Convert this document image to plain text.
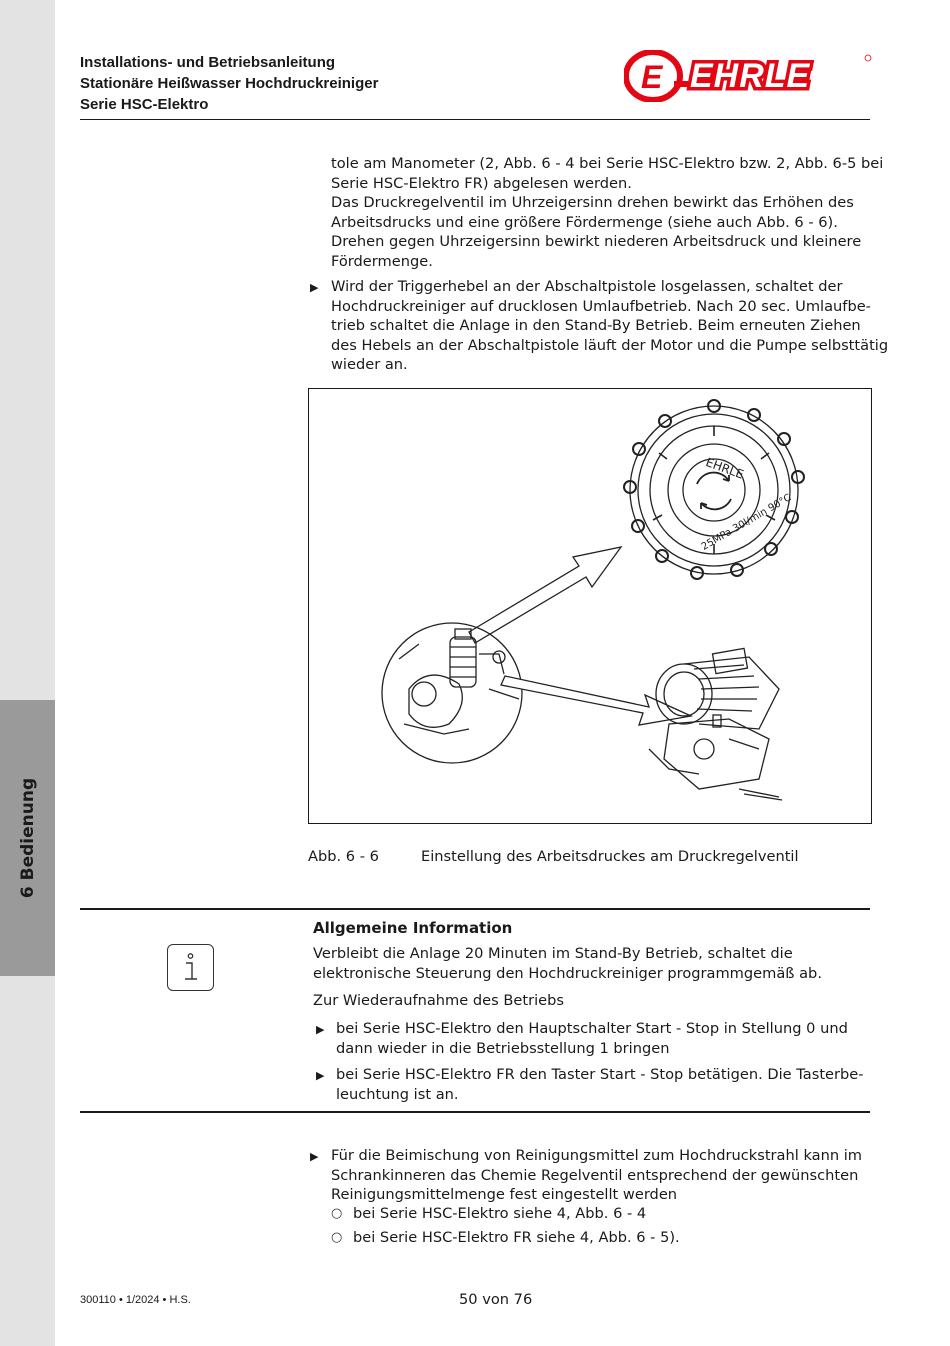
6 Bedienung
Installations- und Betriebsanleitung
Stationäre Heißwasser Hochdruckreiniger
Serie HSC-Elektro
E EHRLE
tole am Manometer (2, Abb. 6 - 4 bei Serie HSC-Elektro bzw. 2, Abb. 6-5 bei
Serie HSC-Elektro FR) abgelesen werden.
Das Druckregelventil im Uhrzeigersinn drehen bewirkt das Erhöhen des
Arbeitsdrucks und eine größere Fördermenge (siehe auch Abb. 6 - 6).
Drehen gegen Uhrzeigersinn bewirkt niederen Arbeitsdruck und kleinere
Fördermenge.
▶ Wird der Triggerhebel an der Abschaltpistole losgelassen, schaltet der
Hochdruckreiniger auf drucklosen Umlaufbetrieb. Nach 20 sec. Umlaufbe-
trieb schaltet die Anlage in den Stand-By Betrieb. Beim erneuten Ziehen
des Hebels an der Abschaltpistole läuft der Motor und die Pumpe selbsttätig
wieder an.
EHRLE
25MPa 30l/min 90°C
Abb. 6 - 6	Einstellung des Arbeitsdruckes am Druckregelventil
Allgemeine Information
Verbleibt die Anlage 20 Minuten im Stand-By Betrieb, schaltet die
elektronische Steuerung den Hochdruckreiniger programmgemäß ab.
Zur Wiederaufnahme des Betriebs
▶ bei Serie HSC-Elektro den Hauptschalter Start - Stop in Stellung 0 und
dann wieder in die Betriebsstellung 1 bringen
▶ bei Serie HSC-Elektro FR den Taster Start - Stop betätigen. Die Tasterbe-
leuchtung ist an.
▶ Für die Beimischung von Reinigungsmittel zum Hochdruckstrahl kann im
Schrankinneren das Chemie Regelventil entsprechend der gewünschten
Reinigungsmittelmenge fest eingestellt werden
○ bei Serie HSC-Elektro siehe 4, Abb. 6 - 4
○ bei Serie HSC-Elektro FR siehe 4, Abb. 6 - 5).
300110 • 1/2024 • H.S.	50 von 76
